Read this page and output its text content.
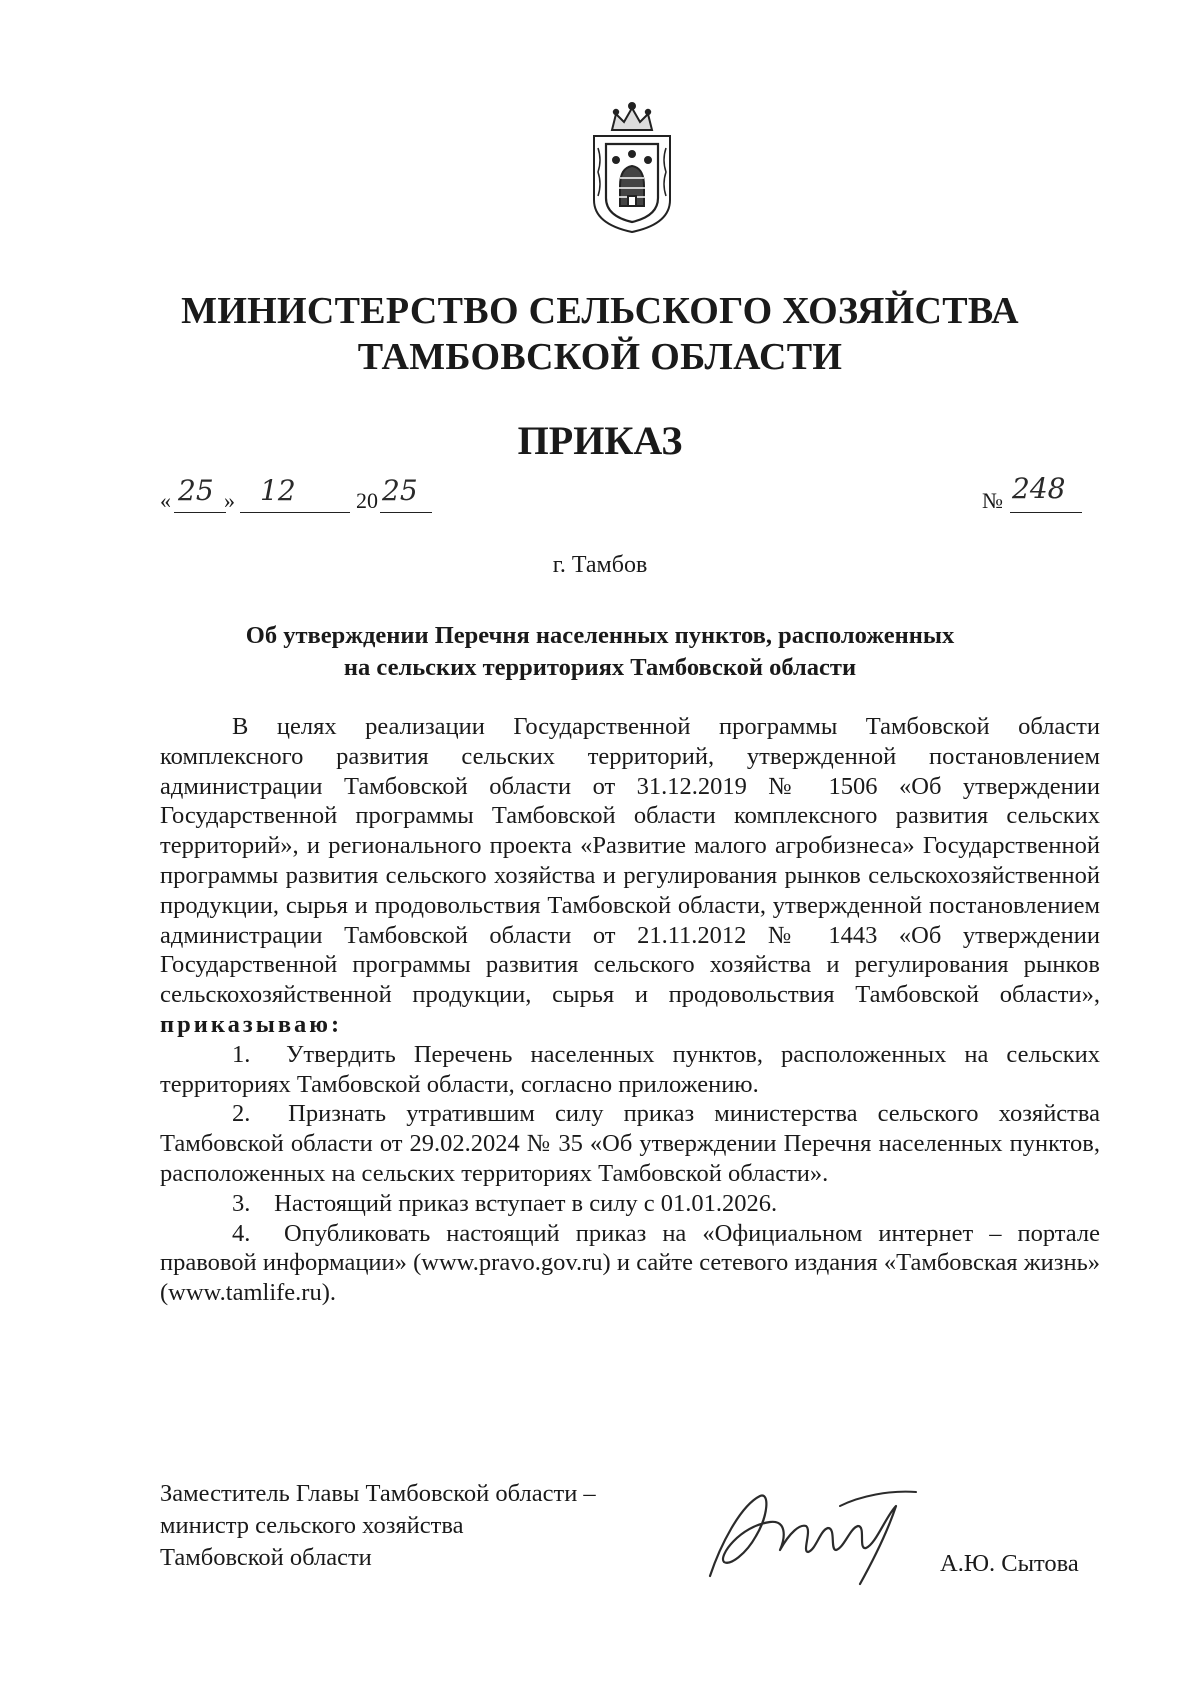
МИНИСТЕРСТВО СЕЛЬСКОГО ХОЗЯЙСТВА
ТАМБОВСКОЙ ОБЛАСТИ
ПРИКАЗ
« 25 » 12	20 25	№ 248
г. Тамбов
Об утверждении Перечня населенных пунктов, расположенных
на сельских территориях Тамбовской области

В целях реализации Государственной программы Тамбовской области комплексного развития сельских территорий, утвержденной постановлением администрации Тамбовской области от 31.12.2019 № 1506 «Об утверждении Государственной программы Тамбовской области комплексного развития сельских территорий», и регионального проекта «Развитие малого агробизнеса» Государственной программы развития сельского хозяйства и регулирования рынков сельскохозяйственной продукции, сырья и продовольствия Тамбовской области, утвержденной постановлением администрации Тамбовской области от 21.11.2012 № 1443 «Об утверждении Государственной программы развития сельского хозяйства и регулирования рынков сельскохозяйственной продукции, сырья и продовольствия Тамбовской области», приказываю:

1. Утвердить Перечень населенных пунктов, расположенных на сельских территориях Тамбовской области, согласно приложению.

2. Признать утратившим силу приказ министерства сельского хозяйства Тамбовской области от 29.02.2024 № 35 «Об утверждении Перечня населенных пунктов, расположенных на сельских территориях Тамбовской области».

3. Настоящий приказ вступает в силу с 01.01.2026.

4. Опубликовать настоящий приказ на «Официальном интернет – портале правовой информации» (www.pravo.gov.ru) и сайте сетевого издания «Тамбовская жизнь» (www.tamlife.ru).

Заместитель Главы Тамбовской области –
министр сельского хозяйства
Тамбовской области	А.Ю. Сытова
